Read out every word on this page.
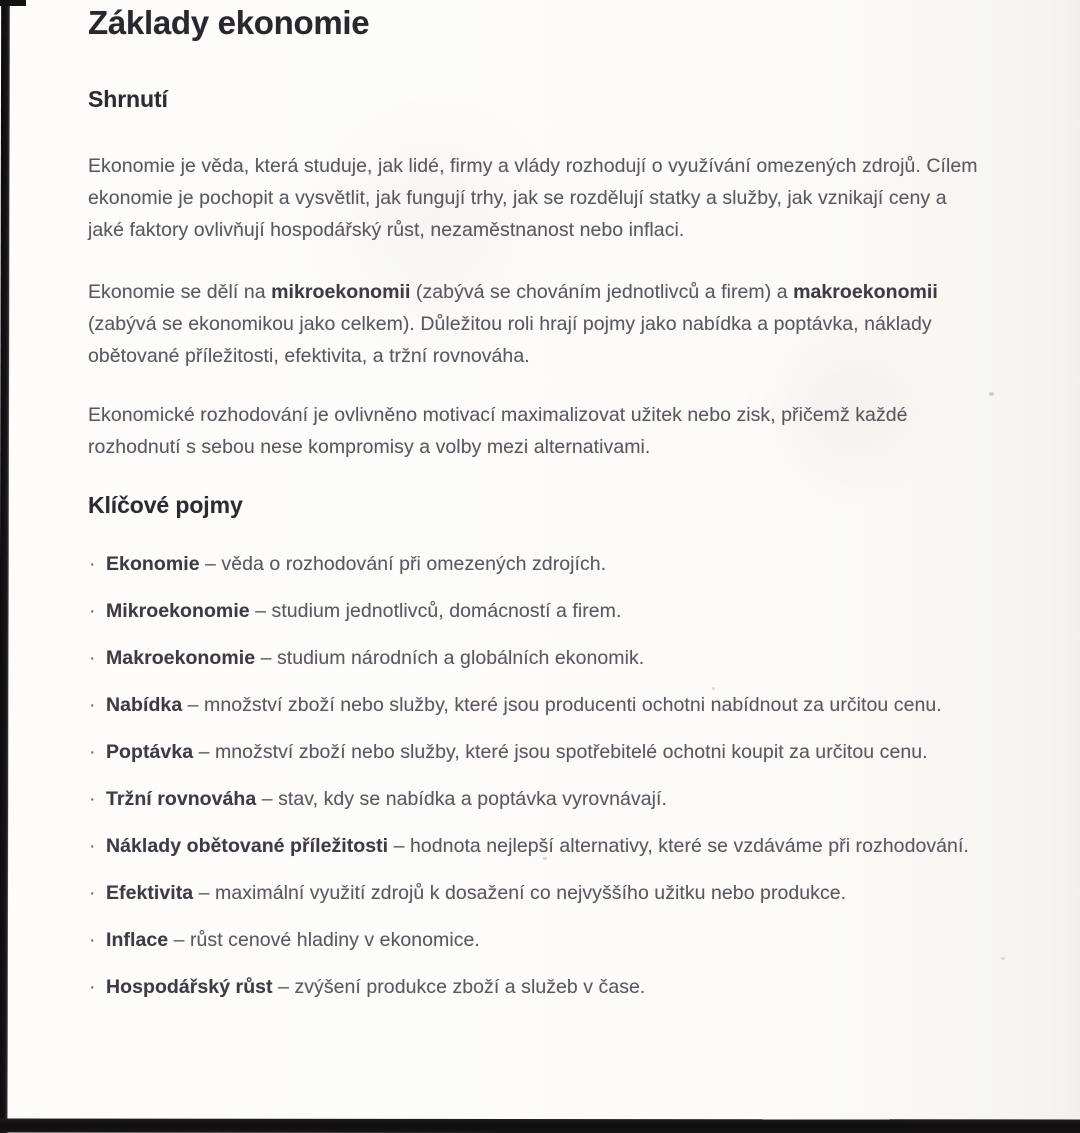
Základy ekonomie
Shrnutí

Ekonomie je věda, která studuje, jak lidé, firmy a vlády rozhodují o využívání omezených zdrojů. Cílem ekonomie je pochopit a vysvětlit, jak fungují trhy, jak se rozdělují statky a služby, jak vznikají ceny a jaké faktory ovlivňují hospodářský růst, nezaměstnanost nebo inflaci.

Ekonomie se dělí na mikroekonomii (zabývá se chováním jednotlivců a firem) a makroekonomii (zabývá se ekonomikou jako celkem). Důležitou roli hrají pojmy jako nabídka a poptávka, náklady obětované příležitosti, efektivita, a tržní rovnováha.

Ekonomické rozhodování je ovlivněno motivací maximalizovat užitek nebo zisk, přičemž každé rozhodnutí s sebou nese kompromisy a volby mezi alternativami.

Klíčové pojmy
· Ekonomie – věda o rozhodování při omezených zdrojích.
· Mikroekonomie – studium jednotlivců, domácností a firem.
· Makroekonomie – studium národních a globálních ekonomik.
· Nabídka – množství zboží nebo služby, které jsou producenti ochotni nabídnout za určitou cenu.
· Poptávka – množství zboží nebo služby, které jsou spotřebitelé ochotni koupit za určitou cenu.
· Tržní rovnováha – stav, kdy se nabídka a poptávka vyrovnávají.
· Náklady obětované příležitosti – hodnota nejlepší alternativy, které se vzdáváme při rozhodování.
· Efektivita – maximální využití zdrojů k dosažení co nejvyššího užitku nebo produkce.
· Inflace – růst cenové hladiny v ekonomice.
· Hospodářský růst – zvýšení produkce zboží a služeb v čase.
